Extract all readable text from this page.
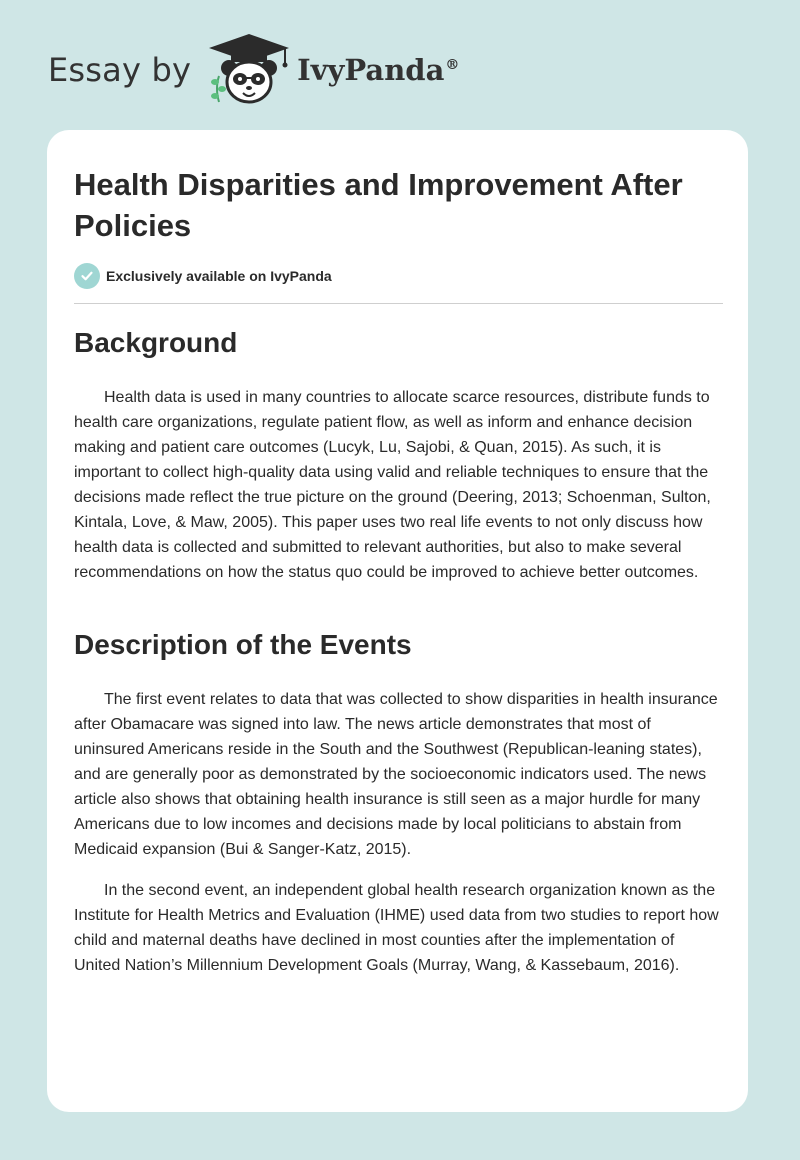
Essay by	IvyPanda®
Health Disparities and Improvement After Policies
Exclusively available on IvyPanda
Background

Health data is used in many countries to allocate scarce resources, distribute funds to health care organizations, regulate patient flow, as well as inform and enhance decision making and patient care outcomes (Lucyk, Lu, Sajobi, & Quan, 2015). As such, it is important to collect high-quality data using valid and reliable techniques to ensure that the decisions made reflect the true picture on the ground (Deering, 2013; Schoenman, Sulton, Kintala, Love, & Maw, 2005). This paper uses two real life events to not only discuss how health data is collected and submitted to relevant authorities, but also to make several recommendations on how the status quo could be improved to achieve better outcomes.

Description of the Events

The first event relates to data that was collected to show disparities in health insurance after Obamacare was signed into law. The news article demonstrates that most of uninsured Americans reside in the South and the Southwest (Republican-leaning states), and are generally poor as demonstrated by the socioeconomic indicators used. The news article also shows that obtaining health insurance is still seen as a major hurdle for many Americans due to low incomes and decisions made by local politicians to abstain from Medicaid expansion (Bui & Sanger-Katz, 2015).

In the second event, an independent global health research organization known as the Institute for Health Metrics and Evaluation (IHME) used data from two studies to report how child and maternal deaths have declined in most counties after the implementation of United Nation’s Millennium Development Goals (Murray, Wang, & Kassebaum, 2016).
